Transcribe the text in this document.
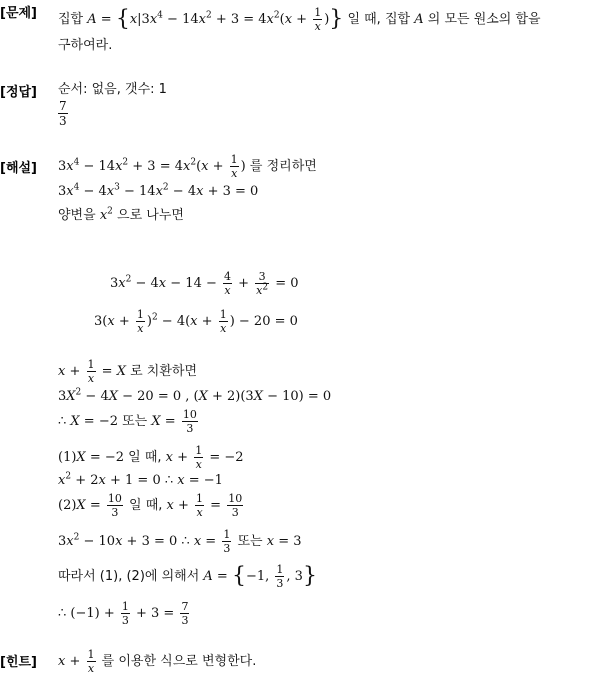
[문제] 집합 $A = \{x|3x^4 - 14x^2 + 3 = 4x^2(x + \frac{1}{x}$ )} 일 때, 집합 A 의 모든 원소의 합을
구하여라.
[정답] 순서: 없음, 갯수: 1
7
3
[해설] $3x^4 - 14x^2 + 3 = 4x^2(x + \frac{1}{x}$ ) 를 정리하면
$3x^4 - 4x^3 - 14x^2 - 4x + 3 = 0$
양변을 $x^2$ 으로 나누면
$3x^2 - 4x - 14 - \frac{4}{x} + \frac{3}{x^2} = 0$
$3(x + \frac{1}{x} )^2 - 4(x + \frac{1}{x}$ ) − 20 = 0
$x + \frac{1}{x} = X$ 로 치환하면
$3X^2 - 4X - 20 = 0$ , (X + 2)(3X − 10) = 0
∴ X = −2 또는 $X = \frac{10}{3}$
(1)X = −2 일 때, $x + \frac{1}{x} = -2$
$x^2 + 2x + 1 = 0$ ∴ x = −1
$(2)X = \frac{10}{3}$ 일 때, $x + \frac{1}{x} = \frac{10}{3}$
$3x^2 - 10x + 3 = 0$ ∴ $x = \frac{1}{3}$ 또는 x = 3
따라서 (1), (2)에 의해서 A = {−1, $\frac{1}{3}$ , 3}
∴ $(-1) + \frac{1}{3} + 3 = \frac{7}{3}$
[힌트] $x + \frac{1}{x}$ 를 이용한 식으로 변형한다.
